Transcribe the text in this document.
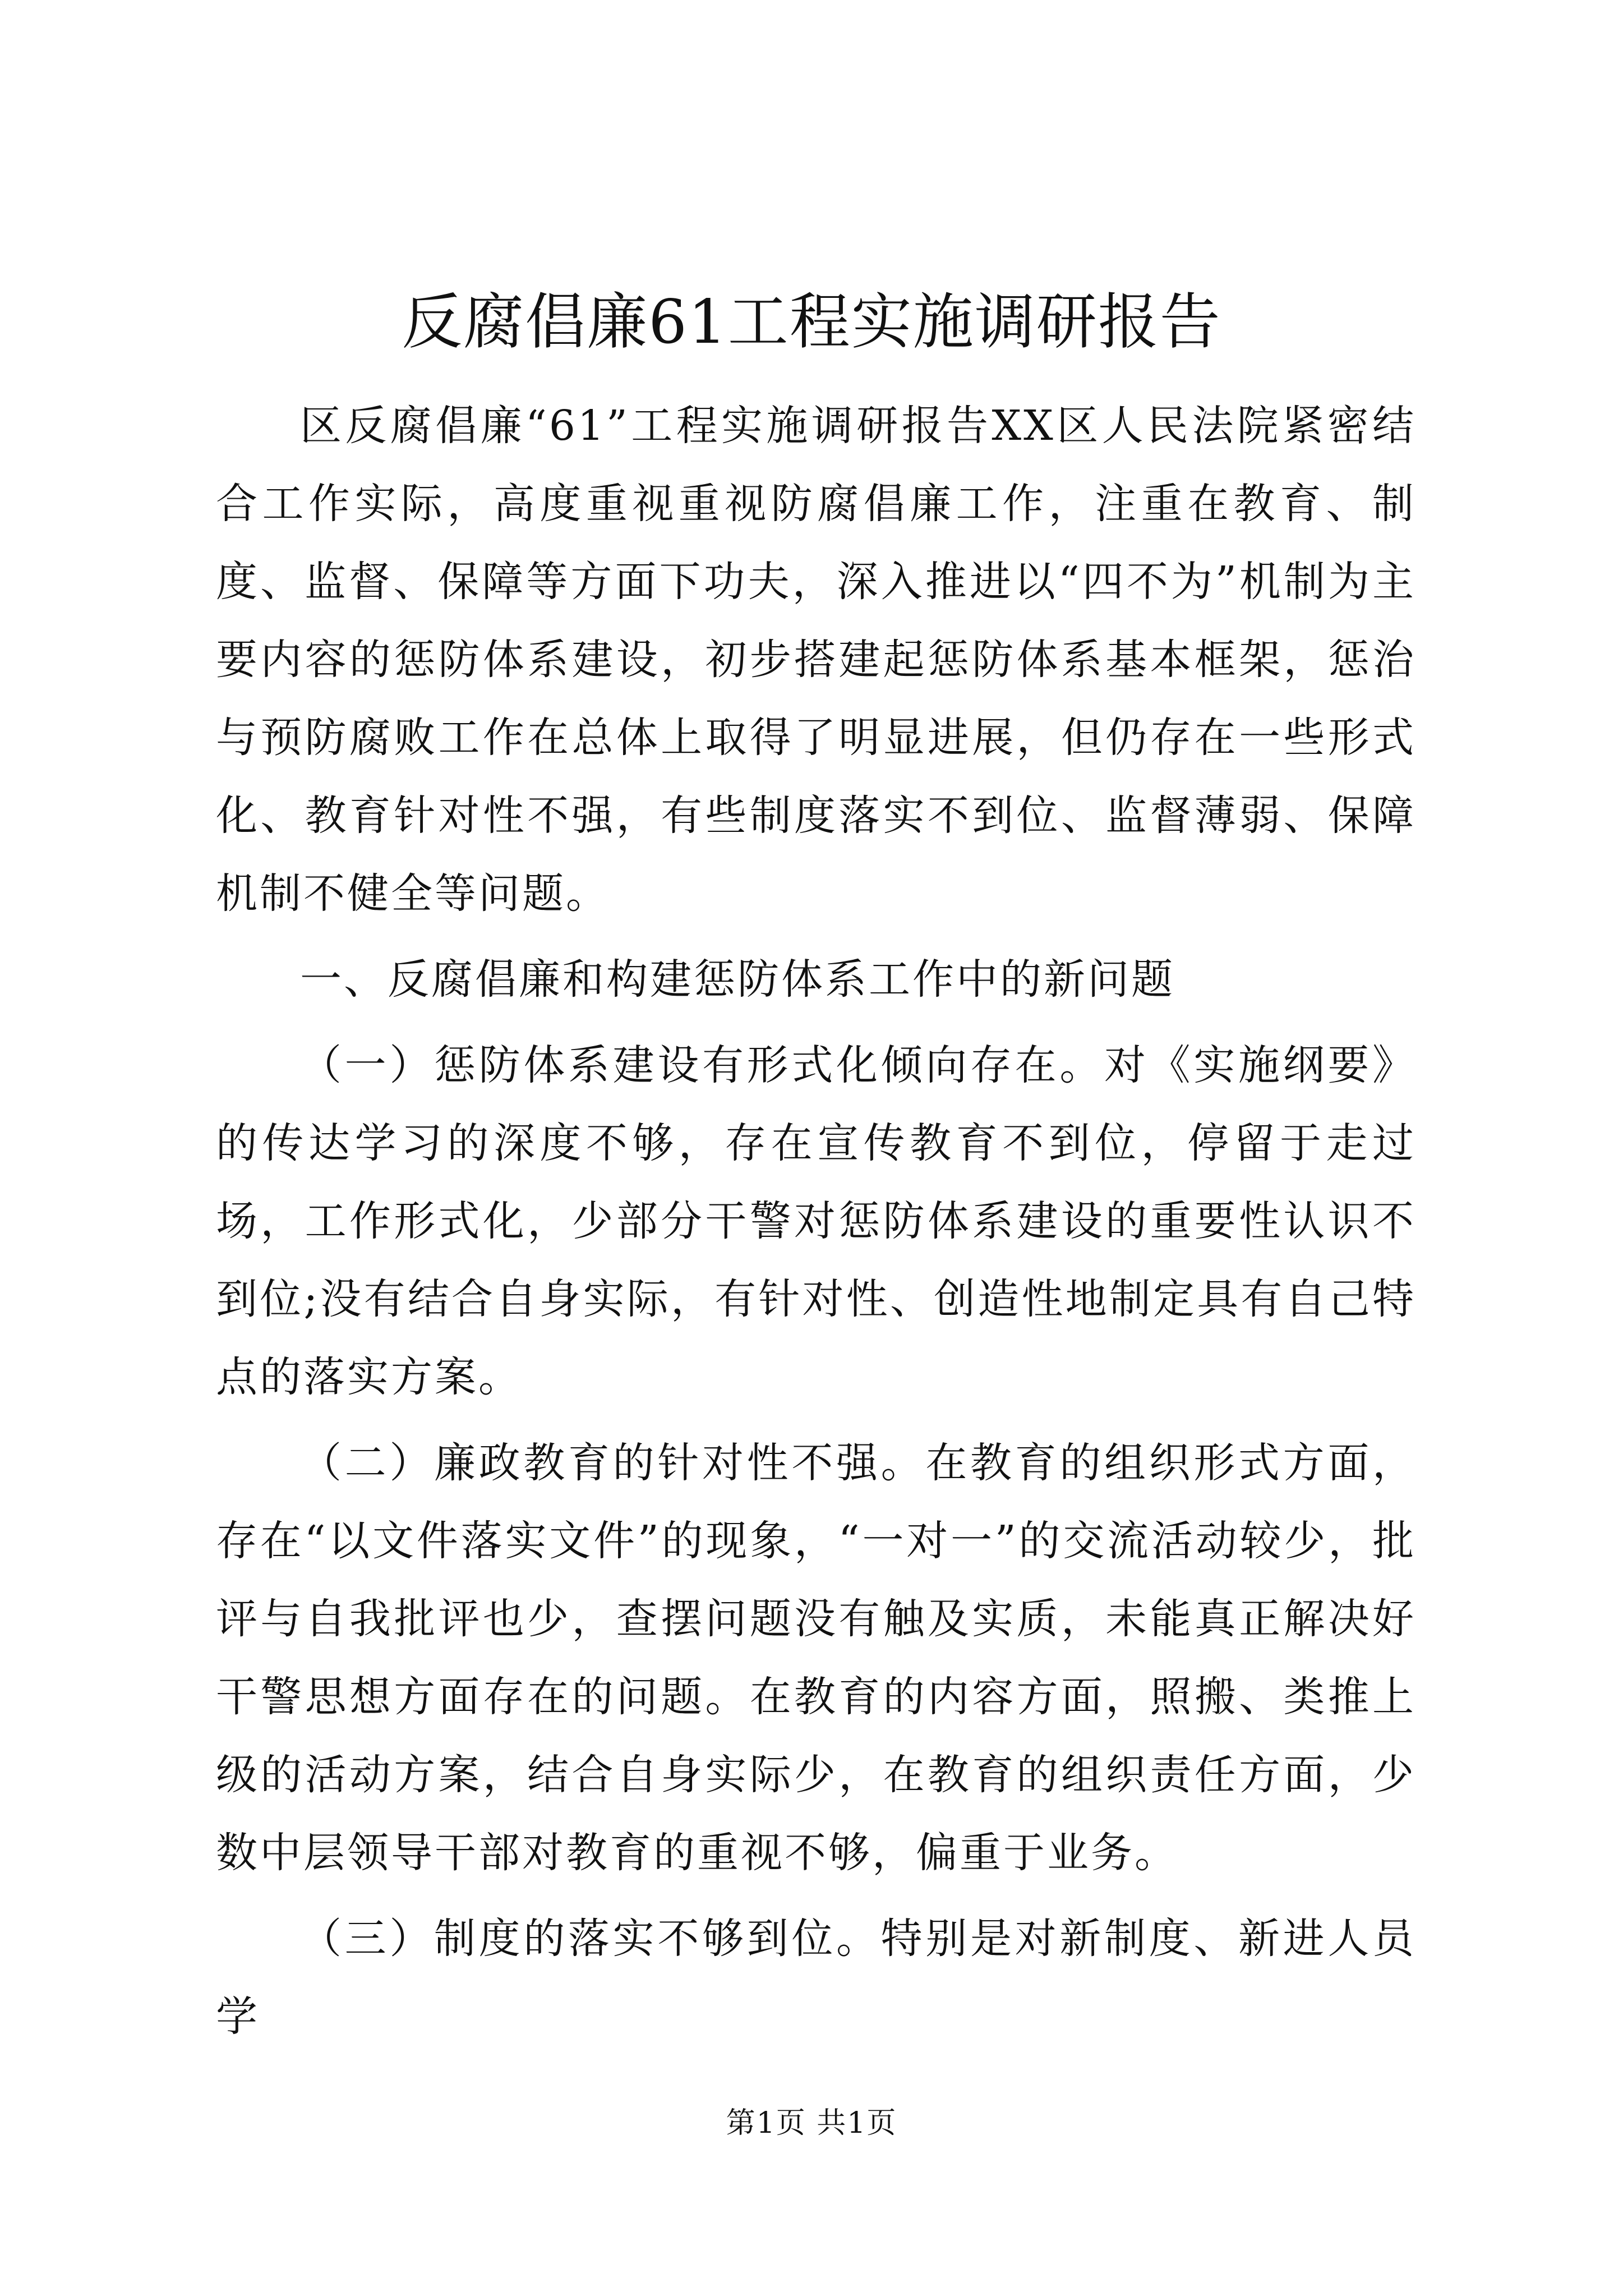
反腐倡廉61工程实施调研报告

区反腐倡廉“61”工程实施调研报告XX区人民法院紧密结合工作实际，高度重视重视防腐倡廉工作，注重在教育、制度、监督、保障等方面下功夫，深入推进以“四不为”机制为主要内容的惩防体系建设，初步搭建起惩防体系基本框架，惩治与预防腐败工作在总体上取得了明显进展，但仍存在一些形式化、教育针对性不强，有些制度落实不到位、监督薄弱、保障机制不健全等问题。

一、反腐倡廉和构建惩防体系工作中的新问题

（一）惩防体系建设有形式化倾向存在。对《实施纲要》的传达学习的深度不够，存在宣传教育不到位，停留于走过场，工作形式化，少部分干警对惩防体系建设的重要性认识不到位;没有结合自身实际，有针对性、创造性地制定具有自己特点的落实方案。

（二）廉政教育的针对性不强。在教育的组织形式方面，存在“以文件落实文件”的现象，“一对一”的交流活动较少，批评与自我批评也少，查摆问题没有触及实质，未能真正解决好干警思想方面存在的问题。在教育的内容方面，照搬、类推上级的活动方案，结合自身实际少，在教育的组织责任方面，少数中层领导干部对教育的重视不够，偏重于业务。

（三）制度的落实不够到位。特别是对新制度、新进人员学

第1页 共1页
